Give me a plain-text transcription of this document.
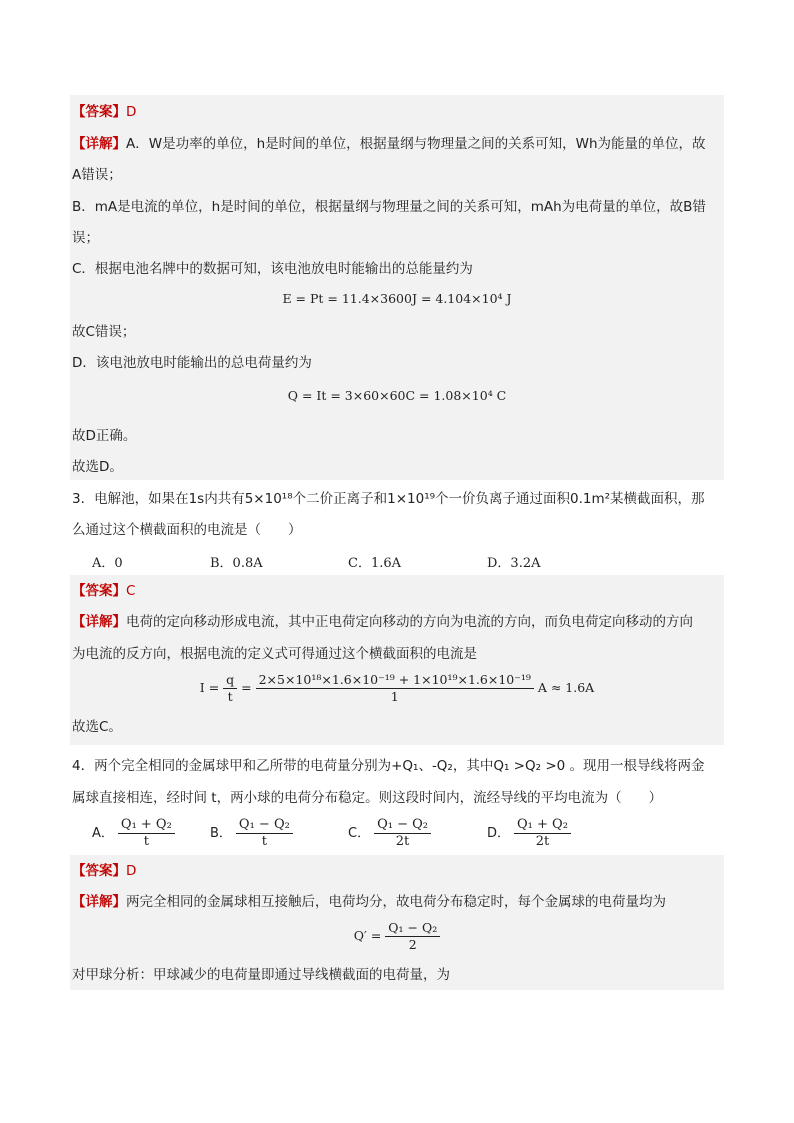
【答案】D
【详解】A．W是功率的单位，h是时间的单位，根据量纲与物理量之间的关系可知，Wh为能量的单位，故
A错误；
B．mA是电流的单位，h是时间的单位，根据量纲与物理量之间的关系可知，mAh为电荷量的单位，故B错
误；
C．根据电池名牌中的数据可知，该电池放电时能输出的总能量约为
E = Pt = 11.4×3600J = 4.104×10⁴ J
故C错误；
D．该电池放电时能输出的总电荷量约为
Q = It = 3×60×60C = 1.08×10⁴ C
故D正确。
故选D。
3．电解池，如果在1s内共有5×10¹⁸个二价正离子和1×10¹⁹个一价负离子通过面积0.1m²某横截面积，那
么通过这个横截面积的电流是（　　）
A．0	B．0.8A	C．1.6A	D．3.2A
【答案】C
【详解】电荷的定向移动形成电流，其中正电荷定向移动的方向为电流的方向，而负电荷定向移动的方向
为电流的反方向，根据电流的定义式可得通过这个横截面积的电流是
$I = \frac{q}{t} = \frac{\text{2×5×10¹⁸×1.6×10⁻¹⁹ + 1×10¹⁹×1.6×10⁻¹⁹}}{1}$ A ≈ 1.6A
故选C。
4．两个完全相同的金属球甲和乙所带的电荷量分别为+Q₁、-Q₂，其中Q₁ >Q₂ >0 。现用一根导线将两金
属球直接相连，经时间 t，两小球的电荷分布稳定。则这段时间内，流经导线的平均电流为（　　）
A． $\frac{\text{Q₁ + Q₂}}{t}$	B． $\frac{\text{Q₁ − Q₂}}{t}$	C． $\frac{\text{Q₁ − Q₂}}{2t}$	D． $\frac{\text{Q₁ + Q₂}}{2t}$
【答案】D
【详解】两完全相同的金属球相互接触后，电荷均分，故电荷分布稳定时，每个金属球的电荷量均为
$Q' = \frac{\text{Q₁ − Q₂}}{2}$
对甲球分析：甲球减少的电荷量即通过导线横截面的电荷量，为
